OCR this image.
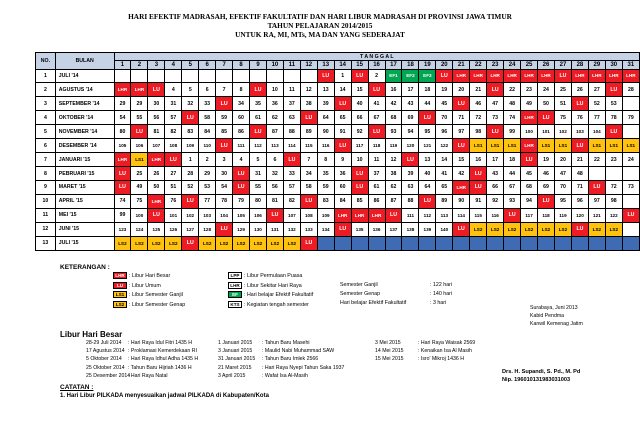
HARI EFEKTIF MADRASAH, EFEKTIF FAKULTATIF DAN HARI LIBUR MADRASAH DI PROVINSI JAWA TIMUR
TAHUN PELAJARAN 2014/2015
UNTUK RA, MI, MTs, MA DAN YANG SEDERAJAT
NO.	BULAN	T A N G G A L																														
		1	2	3	4	5	6	7	8	9	10	11	12	13	14	15	16	17	18	19	20	21	22	23	24	25	26	27	28	29	30	31
1	JULI '14													LU	1	LU	2	EF1	EF2	EF3	LU	LHR	LHR	LHR	LHR	LHR	LHR	LU	LHR	LHR	LHR	LHR
2	AGUSTUS '14	LHR	LHR	LU	4	5	6	7	8	LU	10	11	12	13	14	15	LU	16	17	18	19	20	21	LU	22	23	24	25	26	27	LU	28
3	SEPTEMBER '14	29	29	30	31	32	33	LU	34	35	36	37	38	39	LU	40	41	42	43	44	45	LU	46	47	48	49	50	51	LU	52	53	
4	OKTOBER '14	54	55	56	57	LU	58	59	60	61	62	63	LU	64	65	66	67	68	69	LU	70	71	72	73	74	LHR	LU	75	76	77	78	79
5	NOVEMBER '14	80	LU	81	82	83	84	85	86	LU	87	88	89	90	91	92	LU	93	94	95	96	97	98	LU	99	100	101	102	103	104	LU	
6	DESEMBER '14	105	106	107	108	109	110	LU	111	112	113	114	115	116	LU	117	118	119	120	121	122	LU	LS1	LS1	LS1	LHR	LS1	LS1	LU	LS1	LS1	LS1
7	JANUARI '15	LHR	LS1	LHR	LU	1	2	3	4	5	6	LU	7	8	9	10	11	12	LU	13	14	15	16	17	18	LU	19	20	21	22	23	24
8	PEBRUARI '15	LU	25	26	27	28	29	30	LU	31	32	33	34	35	36	LU	37	38	39	40	41	42	LU	43	44	45	46	47	48			
9	MARET '15	LU	49	50	51	52	53	54	LU	55	56	57	58	59	60	LU	61	62	63	64	65	LHR	LU	66	67	68	69	70	71	LU	72	73
10	APRIL '15	74	75	LHR	76	LU	77	78	79	80	81	82	LU	83	84	85	86	87	88	LU	89	90	91	92	93	94	LU	95	96	97	98	
11	MEI '15	99	100	LU	101	102	103	104	105	106	LU	107	108	109	LHR	LHR	LHR	LU	111	112	113	114	115	116	LU	117	118	119	120	121	122	LU
12	JUNI '15	123	124	125	126	127	128	LU	129	130	131	132	133	134	LU	135	136	137	138	139	140	LU	LS2	LS2	LS2	LS2	LS2	LS2	LU	LS2	LS2	
13	JULI '15	LS2	LS2	LS2	LS2	LU	LS2	LS2	LS2	LS2	LS2	LS2	LU																			
KETERANGAN :
LHR : Libur Hari Besar
LU : Libur Umum
LS1 : Libur Semester Ganjil
LS2 : Libur Semester Genap
LPP : Libur Permulaan Puasa
LHR : Libur Sekitar Hari Raya
EF : Hari belajar Efektif Fakultatif
KTS : Kegiatan tengah semester
Semester Ganjil	: 122 hari
Semester Genap	: 140 hari
Hari belajar Efektif Fakultatif	: 3 hari
Surabaya, Juni 2013
Kabid Pendma
Kanwil Kemenag Jatim
Drs. H. Supandi, S. Pd., M. Pd
Nip. 196010131983031003
Libur Hari Besar
28-29 Juli 2014 : Hari Raya Idul Fitri 1435 H	1 Januari 2015 : Tahun Baru Masehi	3 Mei 2015	: Hari Raya Waisak 2569
17 Agustus 2014 : Proklamasi Kemerdekaan RI	3 Januari 2015 : Maulid Nabi Muhammad SAW	14 Mei 2015	: Kenaikan Isa Al Masih
5 Oktober 2014 : Hari Raya Idhul Adha 1435 H	31 Januari 2015 : Tahun Baru Imlek 2566	15 Mei 2015	: Isro' Mikroj 1436 H
25 Oktober 2014 : Tahun Baru Hijriah 1436 H	21 Maret 2015 : Hari Raya Nyepi Tahun Saka 1937
25 Desember 2014
: Hari Raya Natal	3 April 2015	: Wafat Isa Al-Masih
CATATAN :
1. Hari Libur PILKADA menyesuaikan jadwal PILKADA di Kabupaten/Kota
